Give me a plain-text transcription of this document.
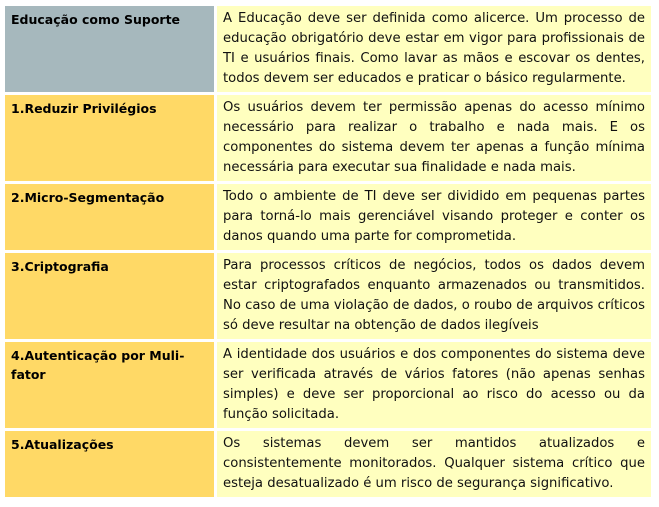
Educação como Suporte	A Educação deve ser definida como alicerce. Um processo de educação obrigatório deve estar em vigor para profissionais de TI e usuários finais. Como lavar as mãos e escovar os dentes, todos devem ser educados e praticar o básico regularmente.
1.Reduzir Privilégios	Os usuários devem ter permissão apenas do acesso mínimo necessário para realizar o trabalho e nada mais. E os componentes do sistema devem ter apenas a função mínima necessária para executar sua finalidade e nada mais.
2.Micro-Segmentação	Todo o ambiente de TI deve ser dividido em pequenas partes para torná-lo mais gerenciável visando proteger e conter os danos quando uma parte for comprometida.
3.Criptografia	Para processos críticos de negócios, todos os dados devem estar criptografados enquanto armazenados ou transmitidos. No caso de uma violação de dados, o roubo de arquivos críticos só deve resultar na obtenção de dados ilegíveis
4.Autenticação por Muli-fator	A identidade dos usuários e dos componentes do sistema deve ser verificada através de vários fatores (não apenas senhas simples) e deve ser proporcional ao risco do acesso ou da função solicitada.
5.Atualizações	Os sistemas devem ser mantidos atualizados e consistentemente monitorados. Qualquer sistema crítico que esteja desatualizado é um risco de segurança significativo.
